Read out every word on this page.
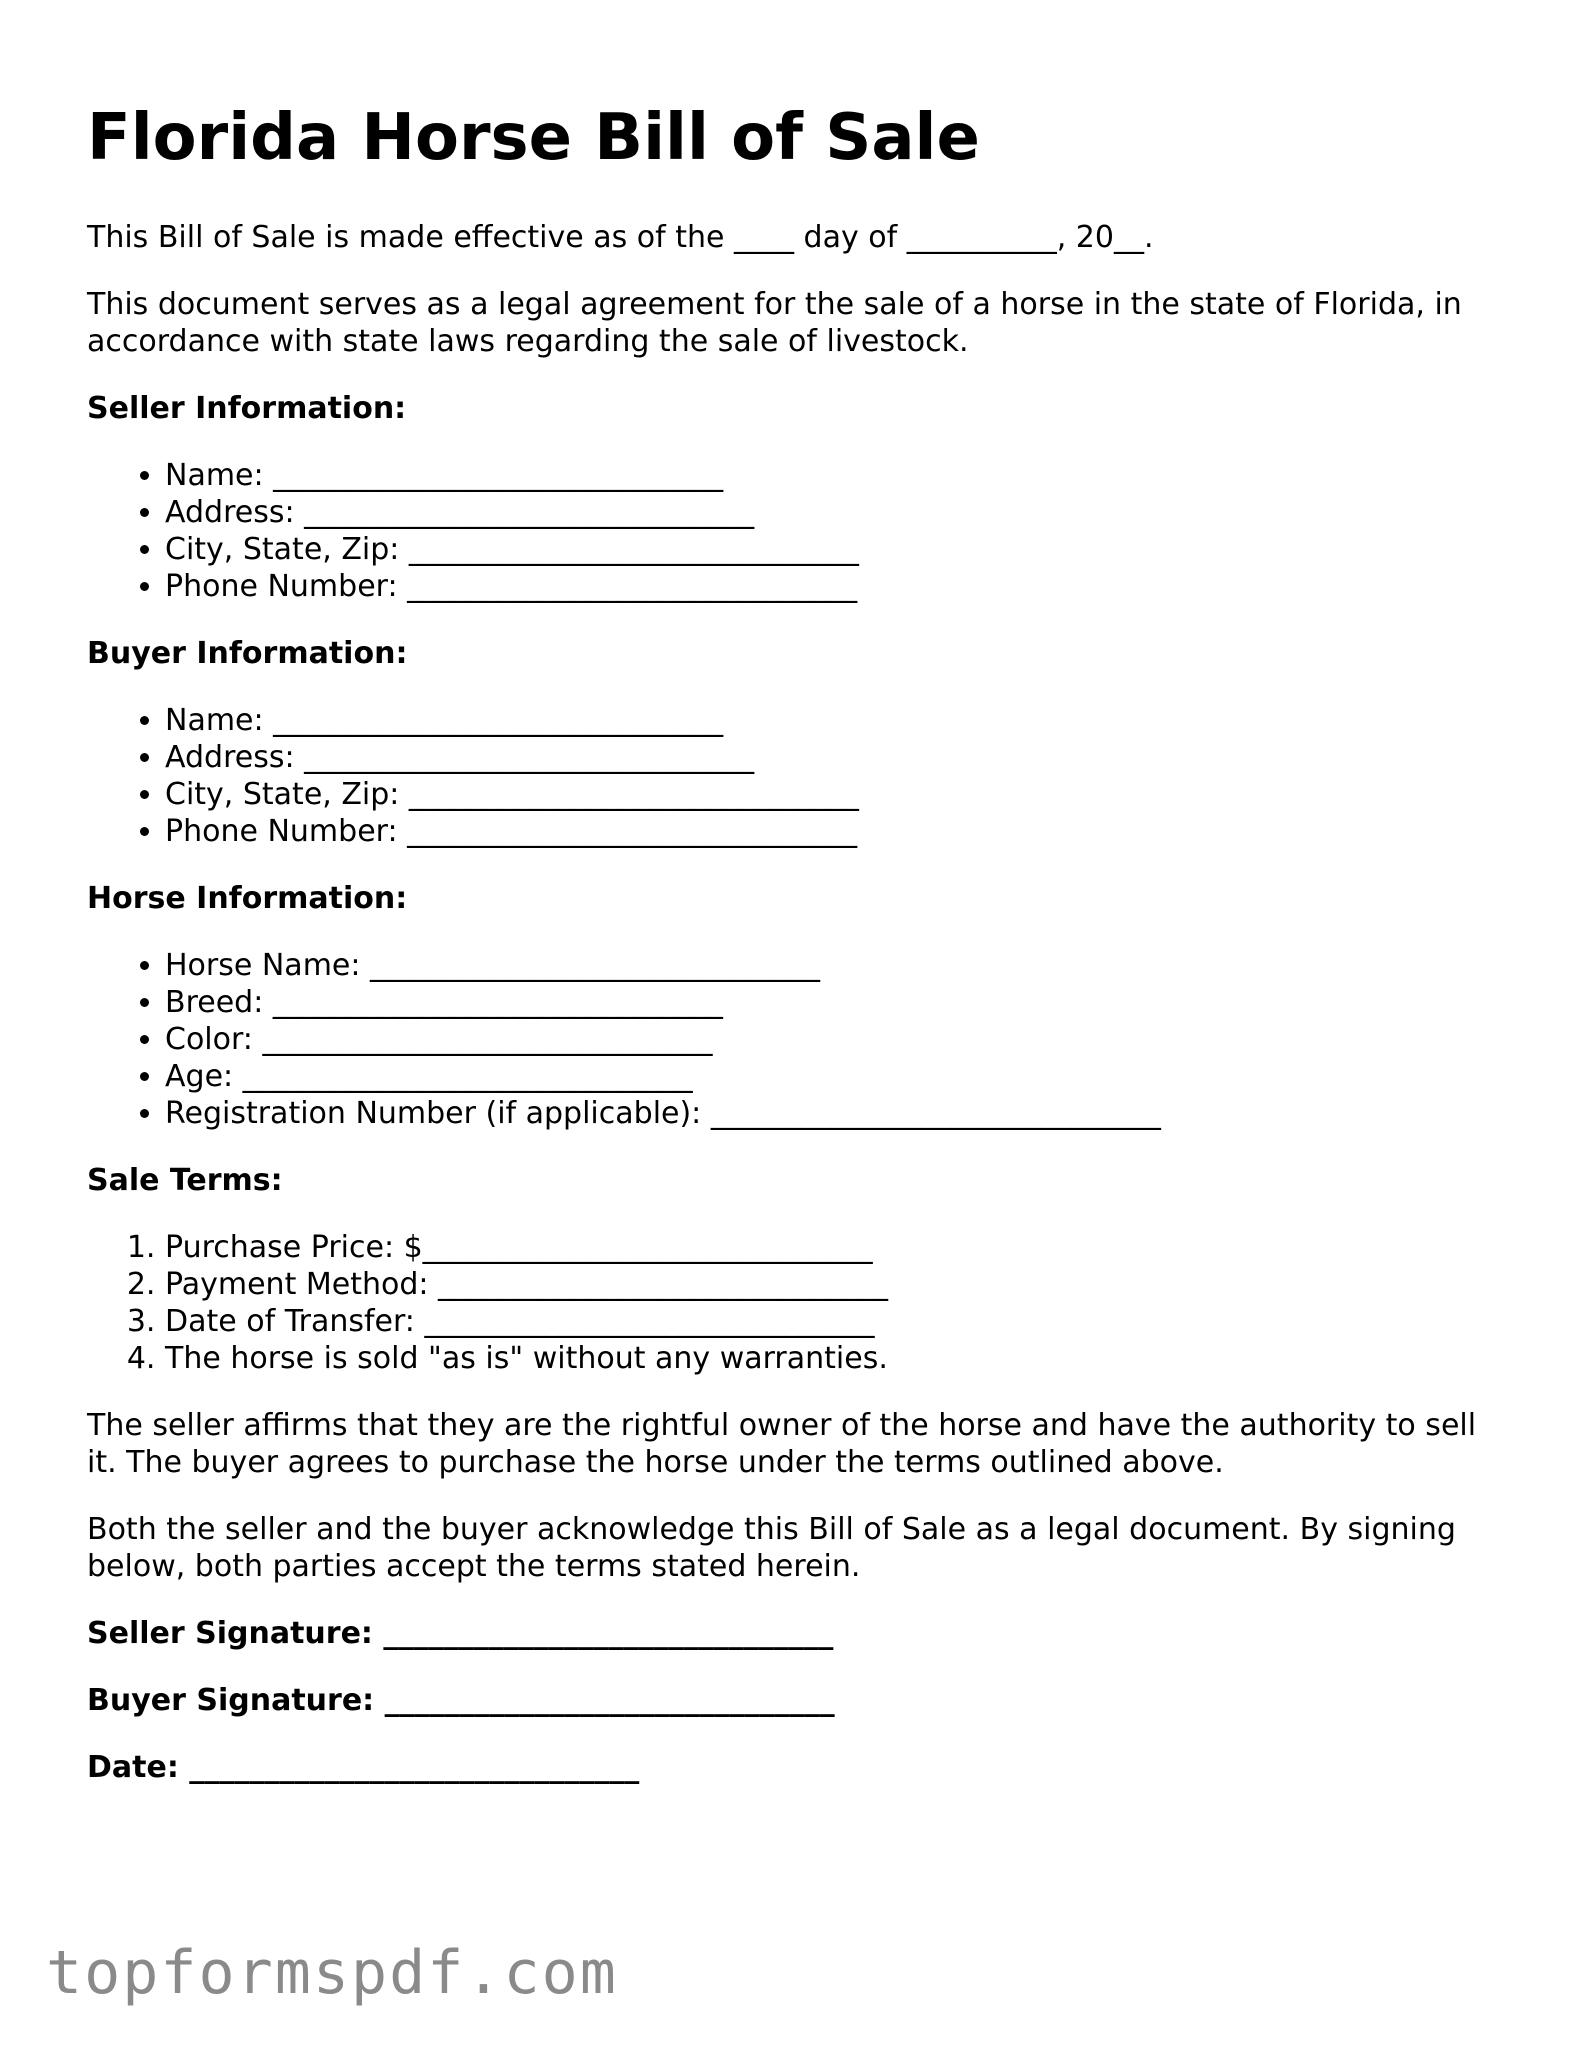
Florida Horse Bill of Sale

This Bill of Sale is made effective as of the ____ day of __________, 20__.

This document serves as a legal agreement for the sale of a horse in the state of Florida, in accordance with state laws regarding the sale of livestock.

Seller Information:
• Name: ______________________________
• Address: ______________________________
• City, State, Zip: ______________________________
• Phone Number: ______________________________
Buyer Information:
• Name: ______________________________
• Address: ______________________________
• City, State, Zip: ______________________________
• Phone Number: ______________________________
Horse Information:
• Horse Name: ______________________________
• Breed: ______________________________
• Color: ______________________________
• Age: ______________________________
• Registration Number (if applicable): ______________________________
Sale Terms:
1. Purchase Price: $______________________________
2. Payment Method: ______________________________
3. Date of Transfer: ______________________________
4. The horse is sold "as is" without any warranties.

The seller affirms that they are the rightful owner of the horse and have the authority to sell it. The buyer agrees to purchase the horse under the terms outlined above.

Both the seller and the buyer acknowledge this Bill of Sale as a legal document. By signing below, both parties accept the terms stated herein.

Seller Signature: ______________________________

Buyer Signature: ______________________________

Date: ______________________________

topformspdf.com
